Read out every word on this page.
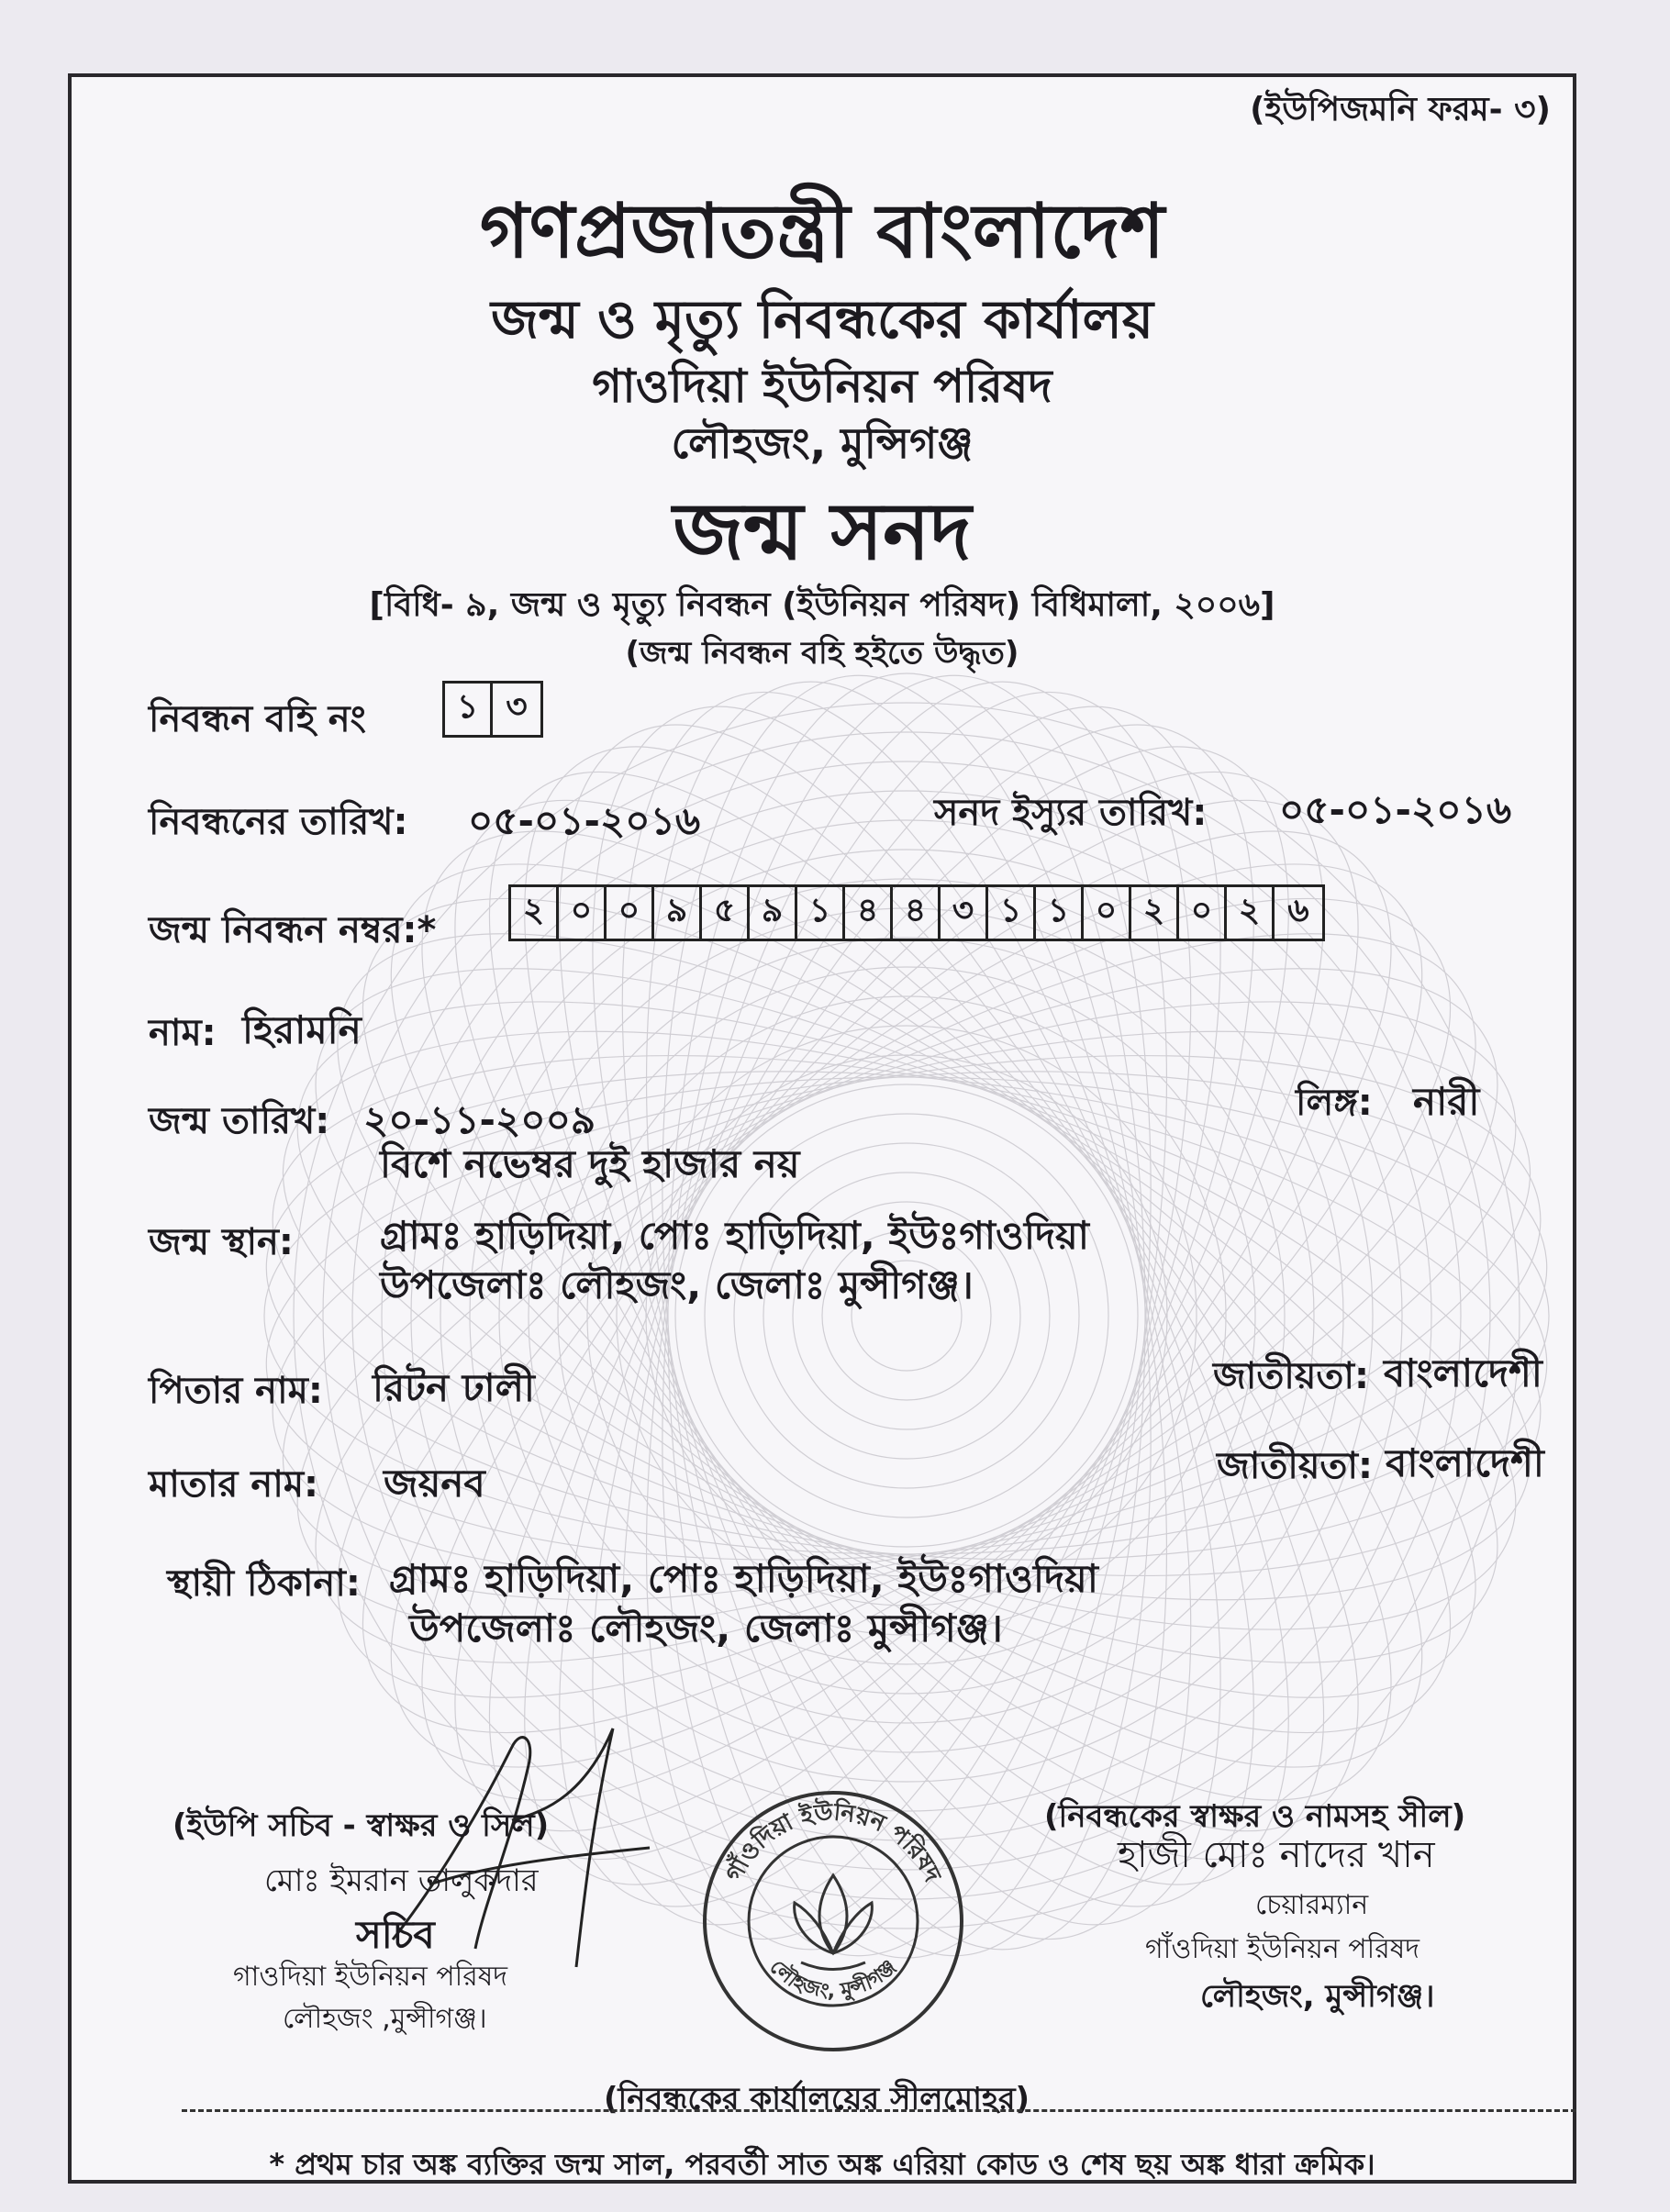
(ইউপিজমনি ফরম- ৩)
গণপ্রজাতন্ত্রী বাংলাদেশ
জন্ম ও মৃত্যু নিবন্ধকের কার্যালয়
গাওদিয়া ইউনিয়ন পরিষদ
লৌহজং, মুন্সিগঞ্জ
জন্ম সনদ
[বিধি- ৯, জন্ম ও মৃত্যু নিবন্ধন (ইউনিয়ন পরিষদ) বিধিমালা, ২০০৬]
(জন্ম নিবন্ধন বহি হইতে উদ্ধৃত)
নিবন্ধন বহি নং	১ ৩
নিবন্ধনের তারিখ: ০৫-০১-২০১৬	সনদ ইস্যুর তারিখ: ০৫-০১-২০১৬
জন্ম নিবন্ধন নম্বর:*	২ ০ ০ ৯ ৫ ৯ ১ ৪ ৪ ৩ ১ ১ ০ ২ ০ ২ ৬
নাম: হিরামনি
জন্ম তারিখ: ২০-১১-২০০৯
বিশে নভেম্বর দুই হাজার নয়
লিঙ্গ: নারী
জন্ম স্থান: গ্রামঃ হাড়িদিয়া, পোঃ হাড়িদিয়া, ইউঃগাওদিয়া
উপজেলাঃ লৌহজং, জেলাঃ মুন্সীগঞ্জ।
পিতার নাম: রিটন ঢালী	জাতীয়তা: বাংলাদেশী
মাতার নাম: জয়নব	জাতীয়তা: বাংলাদেশী
স্থায়ী ঠিকানা: গ্রামঃ হাড়িদিয়া, পোঃ হাড়িদিয়া, ইউঃগাওদিয়া
উপজেলাঃ লৌহজং, জেলাঃ মুন্সীগঞ্জ।
(ইউপি সচিব - স্বাক্ষর ও সিল)
মোঃ ইমরান তালুকদার
সচিব
গাওদিয়া ইউনিয়ন পরিষদ
লৌহজং ,মুন্সীগঞ্জ।
গাঁওদিয়া ইউনিয়ন পরিষদ
লৌহজং, মুন্সীগঞ্জ
(নিবন্ধকের কার্যালয়ের সীলমোহর)
(নিবন্ধকের স্বাক্ষর ও নামসহ সীল)
হাজী মোঃ নাদের খান
চেয়ারম্যান
গাঁওদিয়া ইউনিয়ন পরিষদ
লৌহজং, মুন্সীগঞ্জ।
* প্রথম চার অঙ্ক ব্যক্তির জন্ম সাল, পরবর্তী সাত অঙ্ক এরিয়া কোড ও শেষ ছয় অঙ্ক ধারা ক্রমিক।
